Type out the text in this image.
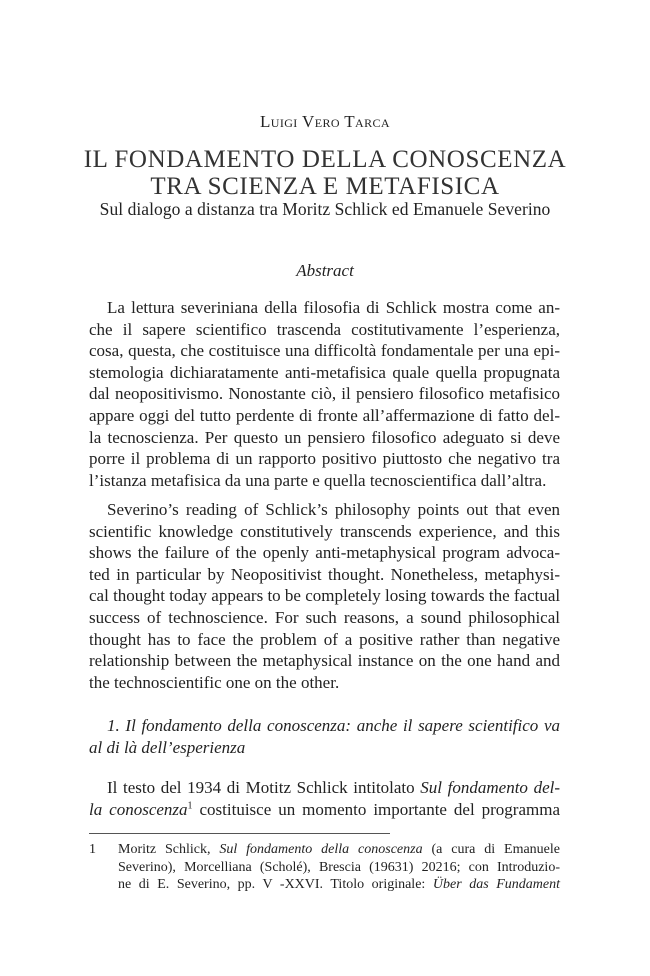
Luigi Vero Tarca
IL FONDAMENTO DELLA CONOSCENZA
TRA SCIENZA E METAFISICA
Sul dialogo a distanza tra Moritz Schlick ed Emanuele Severino
Abstract
La lettura severiniana della filosofia di Schlick mostra come an-
che il sapere scientifico trascenda costitutivamente l’esperienza,
cosa, questa, che costituisce una difficoltà fondamentale per una epi-
stemologia dichiaratamente anti-metafisica quale quella propugnata
dal neopositivismo. Nonostante ciò, il pensiero filosofico metafisico
appare oggi del tutto perdente di fronte all’affermazione di fatto del-
la tecnoscienza. Per questo un pensiero filosofico adeguato si deve
porre il problema di un rapporto positivo piuttosto che negativo tra
l’istanza metafisica da una parte e quella tecnoscientifica dall’altra.
Severino’s reading of Schlick’s philosophy points out that even
scientific knowledge constitutively transcends experience, and this
shows the failure of the openly anti-metaphysical program advoca-
ted in particular by Neopositivist thought. Nonetheless, metaphysi-
cal thought today appears to be completely losing towards the factual
success of technoscience. For such reasons, a sound philosophical
thought has to face the problem of a positive rather than negative
relationship between the metaphysical instance on the one hand and
the technoscientific one on the other.
1. Il fondamento della conoscenza: anche il sapere scientifico va
al di là dell’esperienza
Il testo del 1934 di Motitz Schlick intitolato Sul fondamento del-
la conoscenza$^1$ costituisce un momento importante del programma
1 Moritz Schlick, Sul fondamento della conoscenza (a cura di Emanuele
Severino), Morcelliana (Scholé), Brescia (19631) 20216; con Introduzio-
ne di E. Severino, pp. V -XXVI. Titolo originale: Über das Fundament
